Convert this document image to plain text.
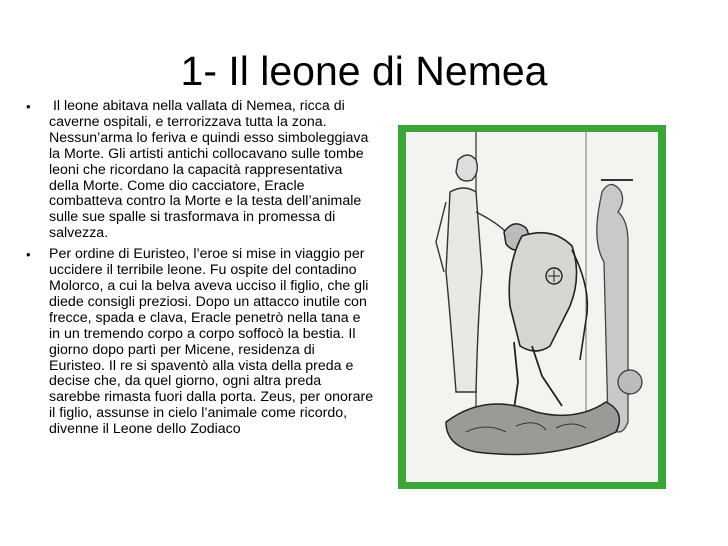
1- Il leone di Nemea
• Il leone abitava nella vallata di Nemea, ricca di caverne ospitali, e terrorizzava tutta la zona. Nessun’arma lo feriva e quindi esso simboleggiava la Morte. Gli artisti antichi collocavano sulle tombe leoni che ricordano la capacità rappresentativa della Morte. Come dio cacciatore, Eracle combatteva contro la Morte e la testa dell’animale sulle sue spalle si trasformava in promessa di salvezza.
• Per ordine di Euristeo, l’eroe si mise in viaggio per uccidere il terribile leone. Fu ospite del contadino Molorco, a cui la belva aveva ucciso il figlio, che gli diede consigli preziosi. Dopo un attacco inutile con frecce, spada e clava, Eracle penetrò nella tana e in un tremendo corpo a corpo soffocò la bestia. Il giorno dopo partì per Micene, residenza di Euristeo. Il re si spaventò alla vista della preda e decise che, da quel giorno, ogni altra preda sarebbe rimasta fuori dalla porta. Zeus, per onorare il figlio, assunse in cielo l’animale come ricordo, divenne il Leone dello Zodiaco
